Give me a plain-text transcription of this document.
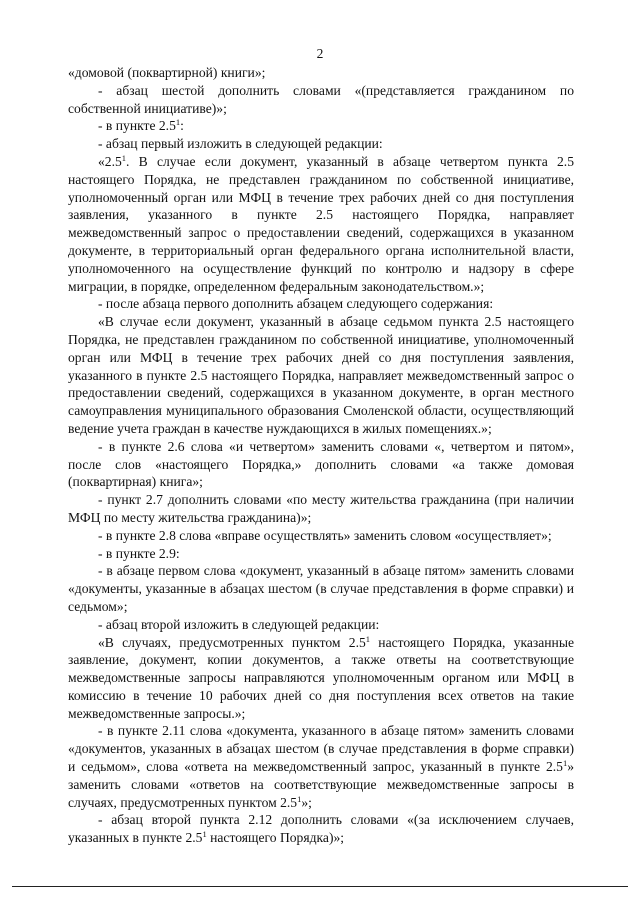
2

«домовой (поквартирной) книги»;

- абзац шестой дополнить словами «(представляется гражданином по собственной инициативе)»;

- в пункте $2.5^1$:

- абзац первый изложить в следующей редакции:

«$2.5^1$. В случае если документ, указанный в абзаце четвертом пункта 2.5 настоящего Порядка, не представлен гражданином по собственной инициативе, уполномоченный орган или МФЦ в течение трех рабочих дней со дня поступления заявления, указанного в пункте 2.5 настоящего Порядка, направляет межведомственный запрос о предоставлении сведений, содержащихся в указанном документе, в территориальный орган федерального органа исполнительной власти, уполномоченного на осуществление функций по контролю и надзору в сфере миграции, в порядке, определенном федеральным законодательством.»;

- после абзаца первого дополнить абзацем следующего содержания:

«В случае если документ, указанный в абзаце седьмом пункта 2.5 настоящего Порядка, не представлен гражданином по собственной инициативе, уполномоченный орган или МФЦ в течение трех рабочих дней со дня поступления заявления, указанного в пункте 2.5 настоящего Порядка, направляет межведомственный запрос о предоставлении сведений, содержащихся в указанном документе, в орган местного самоуправления муниципального образования Смоленской области, осуществляющий ведение учета граждан в качестве нуждающихся в жилых помещениях.»;

- в пункте 2.6 слова «и четвертом» заменить словами «, четвертом и пятом», после слов «настоящего Порядка,» дополнить словами «а также домовая (поквартирная) книга»;

- пункт 2.7 дополнить словами «по месту жительства гражданина (при наличии МФЦ по месту жительства гражданина)»;

- в пункте 2.8 слова «вправе осуществлять» заменить словом «осуществляет»;

- в пункте 2.9:

- в абзаце первом слова «документ, указанный в абзаце пятом» заменить словами «документы, указанные в абзацах шестом (в случае представления в форме справки) и седьмом»;

- абзац второй изложить в следующей редакции:

«В случаях, предусмотренных пунктом $2.5^1$ настоящего Порядка, указанные заявление, документ, копии документов, а также ответы на соответствующие межведомственные запросы направляются уполномоченным органом или МФЦ в комиссию в течение 10 рабочих дней со дня поступления всех ответов на такие межведомственные запросы.»;

- в пункте 2.11 слова «документа, указанного в абзаце пятом» заменить словами «документов, указанных в абзацах шестом (в случае представления в форме справки) и седьмом», слова «ответа на межведомственный запрос, указанный в пункте $2.5^1$» заменить словами «ответов на соответствующие межведомственные запросы в случаях, предусмотренных пунктом $2.5^1$»;

- абзац второй пункта 2.12 дополнить словами «(за исключением случаев, указанных в пункте $2.5^1$ настоящего Порядка)»;
